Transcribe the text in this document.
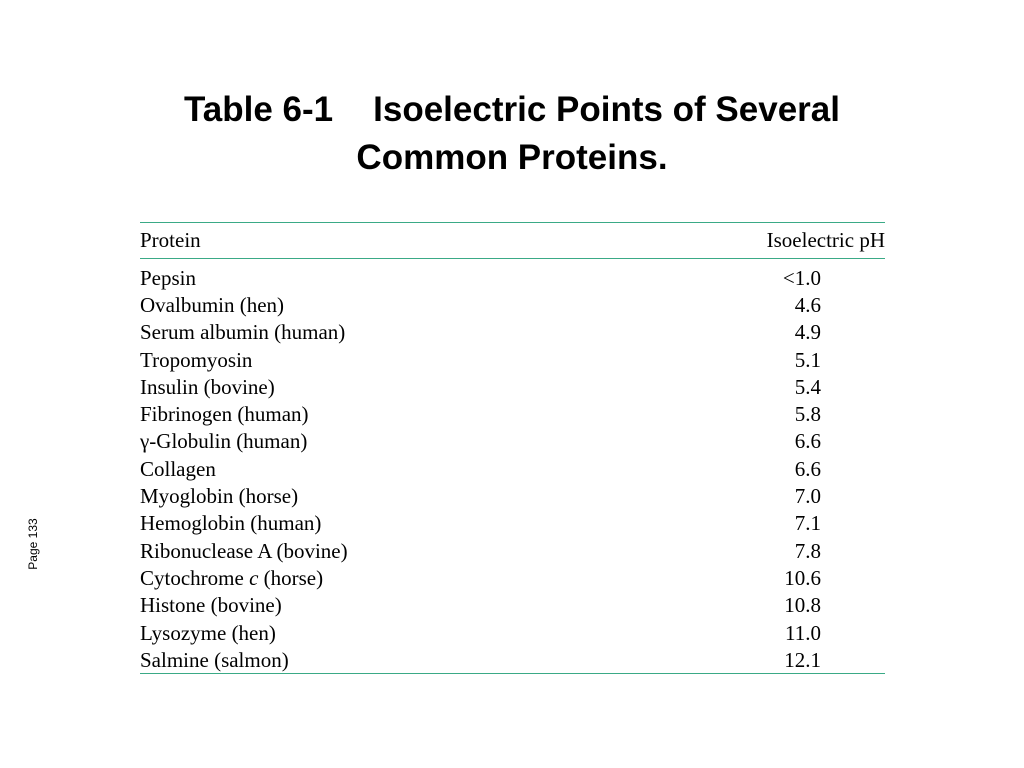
Table 6-1 Isoelectric Points of Several
Common Proteins.
Page 133
Protein	Isoelectric pH
Pepsin	<1.0
Ovalbumin (hen)	4.6
Serum albumin (human)	4.9
Tropomyosin	5.1
Insulin (bovine)	5.4
Fibrinogen (human)	5.8
γ-Globulin (human)	6.6
Collagen	6.6
Myoglobin (horse)	7.0
Hemoglobin (human)	7.1
Ribonuclease A (bovine)	7.8
Cytochrome c (horse)	10.6
Histone (bovine)	10.8
Lysozyme (hen)	11.0
Salmine (salmon)	12.1
